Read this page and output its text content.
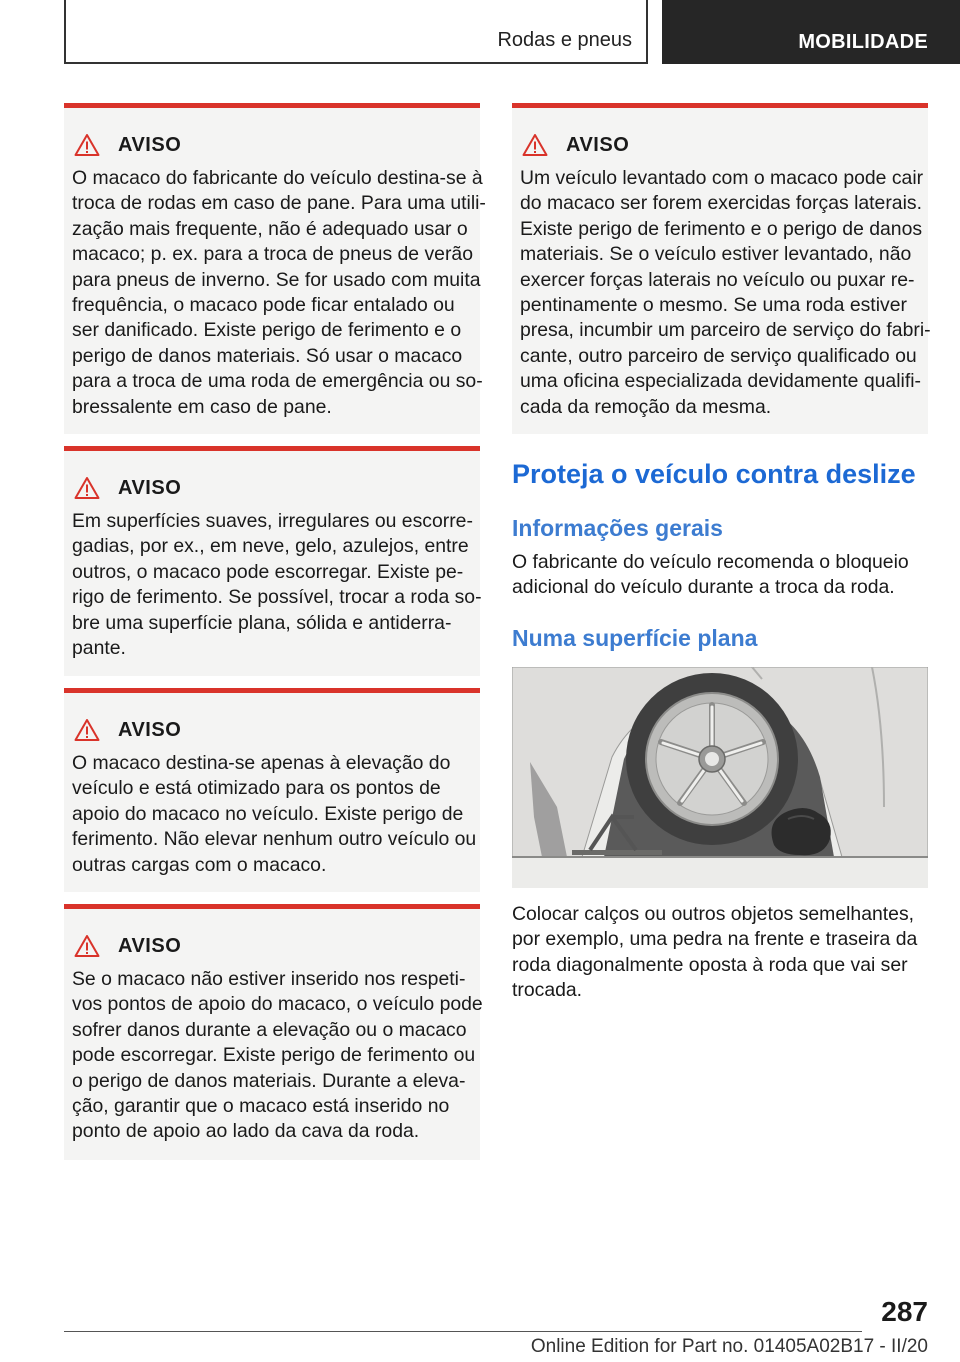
Rodas e pneus	MOBILIDADE
AVISO
O macaco do fabricante do veículo destina-se à
troca de rodas em caso de pane. Para uma utili‐
zação mais frequente, não é adequado usar o
macaco; p. ex. para a troca de pneus de verão
para pneus de inverno. Se for usado com muita
frequência, o macaco pode ficar entalado ou
ser danificado. Existe perigo de ferimento e o
perigo de danos materiais. Só usar o macaco
para a troca de uma roda de emergência ou so‐
bressalente em caso de pane.
AVISO
Em superfícies suaves, irregulares ou escorre‐
gadias, por ex., em neve, gelo, azulejos, entre
outros, o macaco pode escorregar. Existe pe‐
rigo de ferimento. Se possível, trocar a roda so‐
bre uma superfície plana, sólida e antiderra‐
pante.
AVISO
O macaco destina-se apenas à elevação do
veículo e está otimizado para os pontos de
apoio do macaco no veículo. Existe perigo de
ferimento. Não elevar nenhum outro veículo ou
outras cargas com o macaco.
AVISO
Se o macaco não estiver inserido nos respeti‐
vos pontos de apoio do macaco, o veículo pode
sofrer danos durante a elevação ou o macaco
pode escorregar. Existe perigo de ferimento ou
o perigo de danos materiais. Durante a eleva‐
ção, garantir que o macaco está inserido no
ponto de apoio ao lado da cava da roda.
AVISO
Um veículo levantado com o macaco pode cair
do macaco ser forem exercidas forças laterais.
Existe perigo de ferimento e o perigo de danos
materiais. Se o veículo estiver levantado, não
exercer forças laterais no veículo ou puxar re‐
pentinamente o mesmo. Se uma roda estiver
presa, incumbir um parceiro de serviço do fabri‐
cante, outro parceiro de serviço qualificado ou
uma oficina especializada devidamente qualifi‐
cada da remoção da mesma.
Proteja o veículo contra deslize
Informações gerais
O fabricante do veículo recomenda o bloqueio
adicional do veículo durante a troca da roda.
Numa superfície plana
Colocar calços ou outros objetos semelhantes,
por exemplo, uma pedra na frente e traseira da
roda diagonalmente oposta à roda que vai ser
trocada.
287
Online Edition for Part no. 01405A02B17 - II/20
